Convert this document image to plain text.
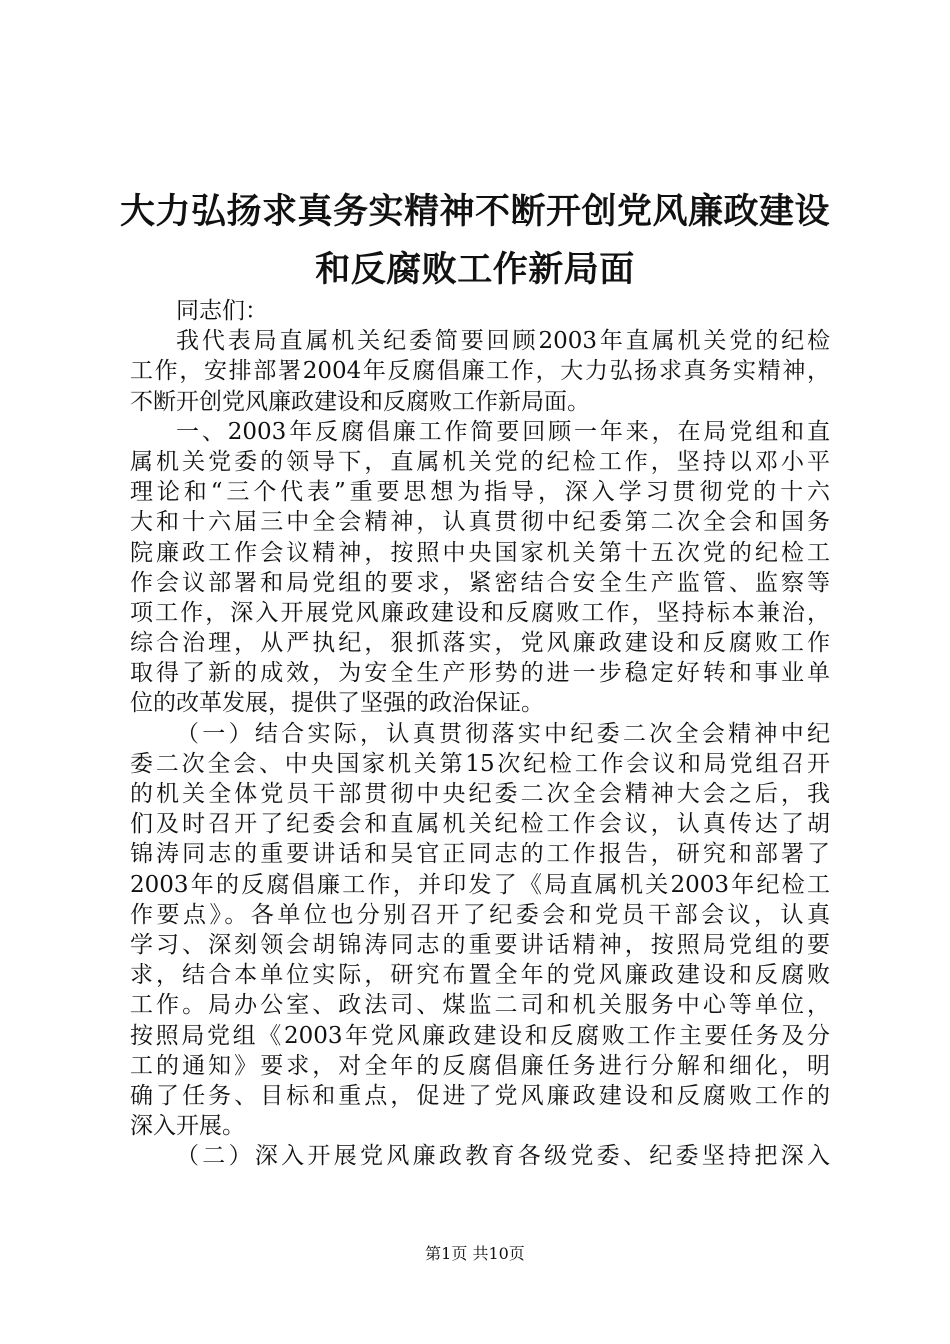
大力弘扬求真务实精神不断开创党风廉政建设
和反腐败工作新局面
同志们：
我代表局直属机关纪委简要回顾2003年直属机关党的纪检
工作，安排部署2004年反腐倡廉工作，大力弘扬求真务实精神，
不断开创党风廉政建设和反腐败工作新局面。
一、2003年反腐倡廉工作简要回顾一年来，在局党组和直
属机关党委的领导下，直属机关党的纪检工作，坚持以邓小平
理论和“三个代表”重要思想为指导，深入学习贯彻党的十六
大和十六届三中全会精神，认真贯彻中纪委第二次全会和国务
院廉政工作会议精神，按照中央国家机关第十五次党的纪检工
作会议部署和局党组的要求，紧密结合安全生产监管、监察等
项工作，深入开展党风廉政建设和反腐败工作，坚持标本兼治，
综合治理，从严执纪，狠抓落实，党风廉政建设和反腐败工作
取得了新的成效，为安全生产形势的进一步稳定好转和事业单
位的改革发展，提供了坚强的政治保证。
（一）结合实际，认真贯彻落实中纪委二次全会精神中纪
委二次全会、中央国家机关第15次纪检工作会议和局党组召开
的机关全体党员干部贯彻中央纪委二次全会精神大会之后，我
们及时召开了纪委会和直属机关纪检工作会议，认真传达了胡
锦涛同志的重要讲话和吴官正同志的工作报告，研究和部署了
2003年的反腐倡廉工作，并印发了《局直属机关2003年纪检工
作要点》。各单位也分别召开了纪委会和党员干部会议，认真
学习、深刻领会胡锦涛同志的重要讲话精神，按照局党组的要
求，结合本单位实际，研究布置全年的党风廉政建设和反腐败
工作。局办公室、政法司、煤监二司和机关服务中心等单位，
按照局党组《2003年党风廉政建设和反腐败工作主要任务及分
工的通知》要求，对全年的反腐倡廉任务进行分解和细化，明
确了任务、目标和重点，促进了党风廉政建设和反腐败工作的
深入开展。
（二）深入开展党风廉政教育各级党委、纪委坚持把深入
第1页 共10页
